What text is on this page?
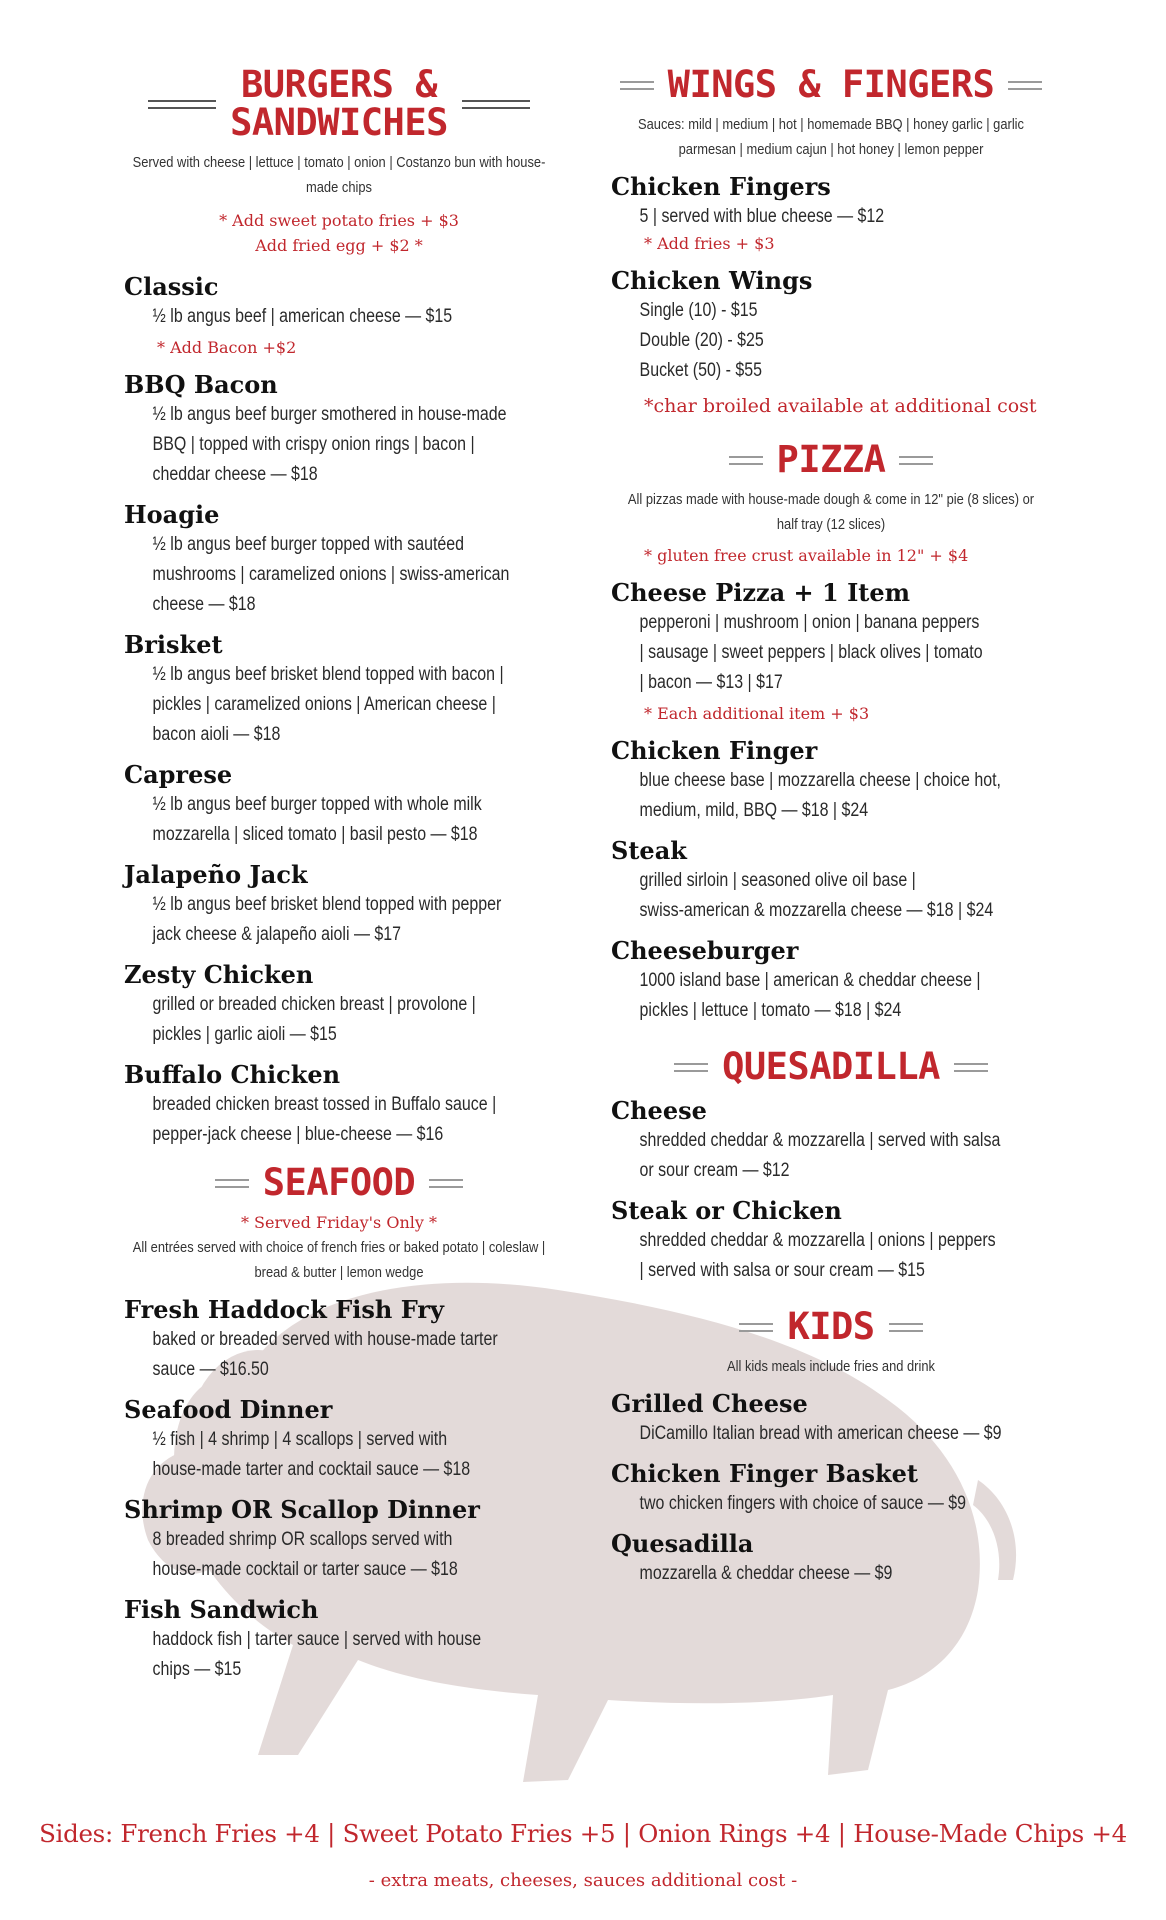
BURGERS &
SANDWICHES
Served with cheese | lettuce | tomato | onion | Costanzo bun with house-made chips
* Add sweet potato fries + $3
Add fried egg + $2 *
Classic
½ lb angus beef | american cheese — $15
* Add Bacon +$2
BBQ Bacon
½ lb angus beef burger smothered in house-made
BBQ | topped with crispy onion rings | bacon |
cheddar cheese — $18
Hoagie
½ lb angus beef burger topped with sautéed
mushrooms | caramelized onions | swiss-american
cheese — $18
Brisket
½ lb angus beef brisket blend topped with bacon |
pickles | caramelized onions | American cheese |
bacon aioli — $18
Caprese
½ lb angus beef burger topped with whole milk
mozzarella | sliced tomato | basil pesto — $18
Jalapeño Jack
½ lb angus beef brisket blend topped with pepper
jack cheese & jalapeño aioli — $17
Zesty Chicken
grilled or breaded chicken breast | provolone |
pickles | garlic aioli — $15
Buffalo Chicken
breaded chicken breast tossed in Buffalo sauce |
pepper-jack cheese | blue-cheese — $16
SEAFOOD
* Served Friday's Only *
All entrées served with choice of french fries or baked potato | coleslaw | bread & butter | lemon wedge
Fresh Haddock Fish Fry
baked or breaded served with house-made tarter
sauce — $16.50
Seafood Dinner
½ fish | 4 shrimp | 4 scallops | served with
house-made tarter and cocktail sauce — $18
Shrimp OR Scallop Dinner
8 breaded shrimp OR scallops served with
house-made cocktail or tarter sauce — $18
Fish Sandwich
haddock fish | tarter sauce | served with house
chips — $15
WINGS & FINGERS
Sauces: mild | medium | hot | homemade BBQ | honey garlic | garlic parmesan | medium cajun | hot honey | lemon pepper
Chicken Fingers
5 | served with blue cheese — $12
* Add fries + $3
Chicken Wings
Single (10) - $15
Double (20) - $25
Bucket (50) - $55
*char broiled available at additional cost
PIZZA
All pizzas made with house-made dough & come in 12" pie (8 slices) or half tray (12 slices)
* gluten free crust available in 12" + $4
Cheese Pizza + 1 Item
pepperoni | mushroom | onion | banana peppers
| sausage | sweet peppers | black olives | tomato
| bacon — $13 | $17
* Each additional item + $3
Chicken Finger
blue cheese base | mozzarella cheese | choice hot,
medium, mild, BBQ — $18 | $24
Steak
grilled sirloin | seasoned olive oil base |
swiss-american & mozzarella cheese — $18 | $24
Cheeseburger
1000 island base | american & cheddar cheese |
pickles | lettuce | tomato — $18 | $24
QUESADILLA
Cheese
shredded cheddar & mozzarella | served with salsa
or sour cream — $12
Steak or Chicken
shredded cheddar & mozzarella | onions | peppers
| served with salsa or sour cream — $15
KIDS
All kids meals include fries and drink
Grilled Cheese
DiCamillo Italian bread with american cheese — $9
Chicken Finger Basket
two chicken fingers with choice of sauce — $9
Quesadilla
mozzarella & cheddar cheese — $9
Sides: French Fries +4 | Sweet Potato Fries +5 | Onion Rings +4 | House-Made Chips +4
- extra meats, cheeses, sauces additional cost -
